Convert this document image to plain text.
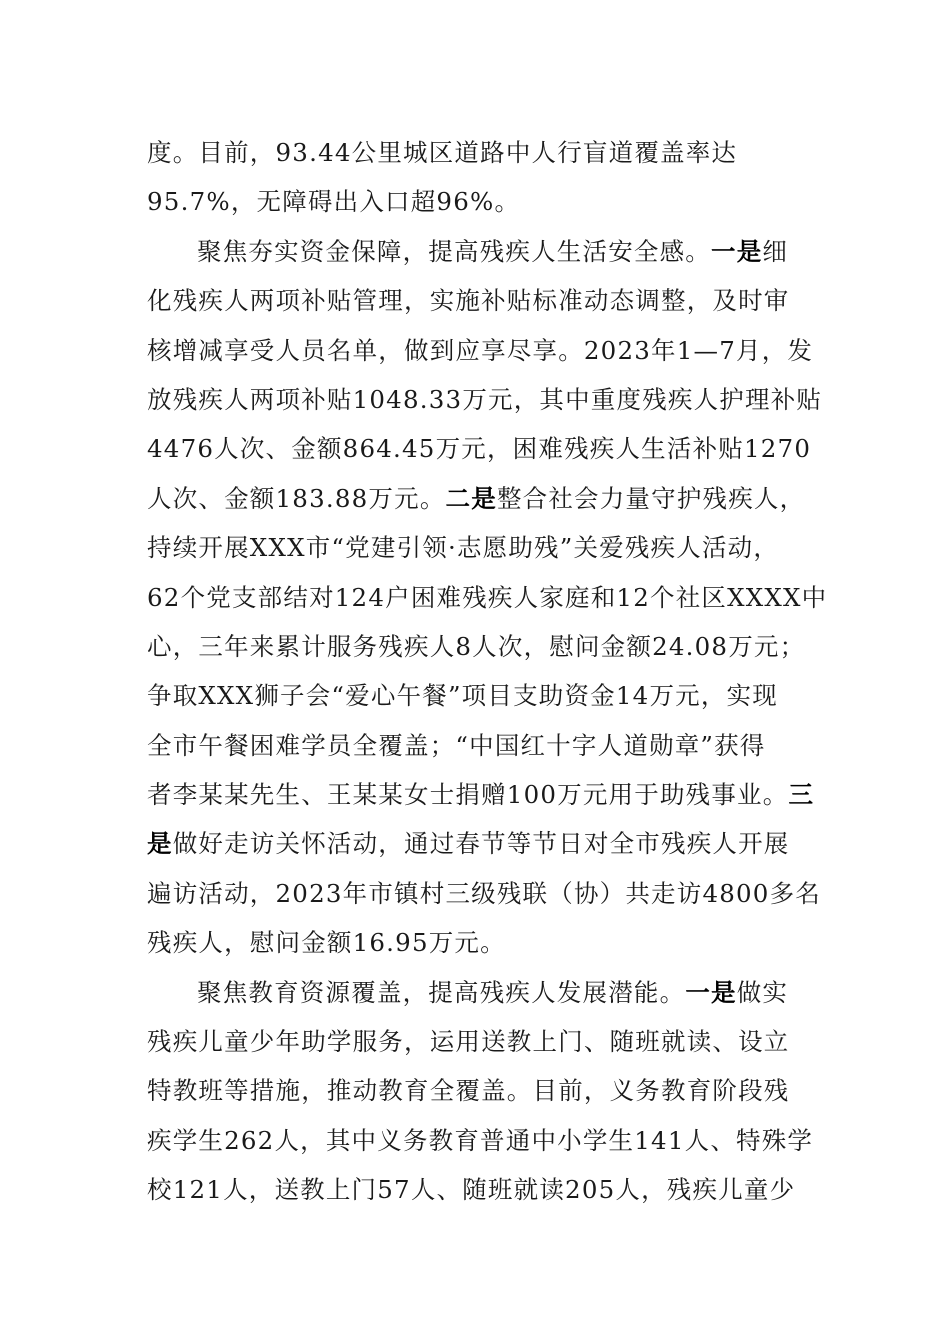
度。目前，93.44公里城区道路中人行盲道覆盖率达
95.7%，无障碍出入口超96%。
聚焦夯实资金保障，提高残疾人生活安全感。一是细
化残疾人两项补贴管理，实施补贴标准动态调整，及时审
核增减享受人员名单，做到应享尽享。2023年1—7月，发
放残疾人两项补贴1048.33万元，其中重度残疾人护理补贴
4476人次、金额864.45万元，困难残疾人生活补贴1270
人次、金额183.88万元。二是整合社会力量守护残疾人，
持续开展XXX市“党建引领·志愿助残”关爱残疾人活动，
62个党支部结对124户困难残疾人家庭和12个社区XXXX中
心，三年来累计服务残疾人8人次，慰问金额24.08万元；
争取XXX狮子会“爱心午餐”项目支助资金14万元，实现
全市午餐困难学员全覆盖；“中国红十字人道勋章”获得
者李某某先生、王某某女士捐赠100万元用于助残事业。三
是做好走访关怀活动，通过春节等节日对全市残疾人开展
遍访活动，2023年市镇村三级残联（协）共走访4800多名
残疾人，慰问金额16.95万元。
聚焦教育资源覆盖，提高残疾人发展潜能。一是做实
残疾儿童少年助学服务，运用送教上门、随班就读、设立
特教班等措施，推动教育全覆盖。目前，义务教育阶段残
疾学生262人，其中义务教育普通中小学生141人、特殊学
校121人，送教上门57人、随班就读205人，残疾儿童少
